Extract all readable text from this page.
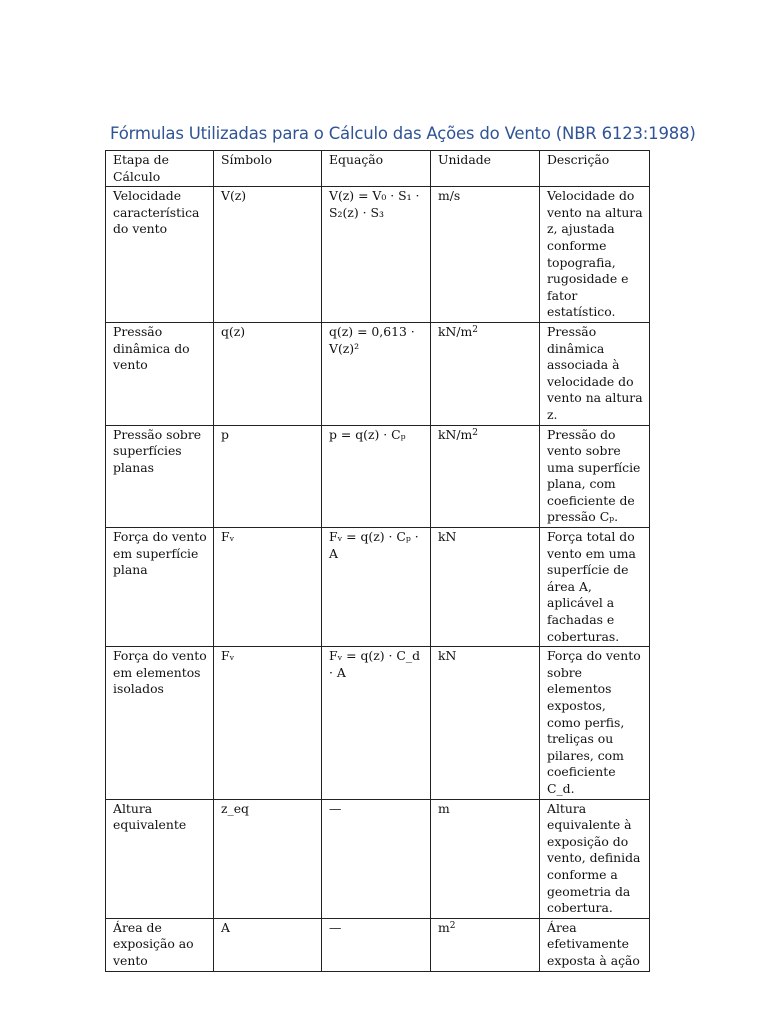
Fórmulas Utilizadas para o Cálculo das Ações do Vento (NBR 6123:1988)
Etapa de Cálculo	Símbolo	Equação	Unidade	Descrição
Velocidade característica do vento	V(z)	V(z) = V₀ · S₁ · S₂(z) · S₃	m/s	Velocidade do vento na altura z, ajustada conforme topografia, rugosidade e fator estatístico.
Pressão dinâmica do vento	q(z)	q(z) = 0,613 · V(z)²	$kN/m^2$	Pressão dinâmica associada à velocidade do vento na altura z.
Pressão sobre superfícies planas	p	p = q(z) · Cₚ	$kN/m^2$	Pressão do vento sobre uma superfície plana, com coeficiente de pressão Cₚ.
Força do vento em superfície plana	Fᵥ	Fᵥ = q(z) · Cₚ · A	kN	Força total do vento em uma superfície de área A, aplicável a fachadas e coberturas.
Força do vento em elementos isolados	Fᵥ	Fᵥ = q(z) · C_d · A	kN	Força do vento sobre elementos expostos, como perfis, treliças ou pilares, com coeficiente C_d.
Altura equivalente	z_eq	—	m	Altura equivalente à exposição do vento, definida conforme a geometria da cobertura.
Área de exposição ao vento	A	—	$m^2$	Área efetivamente exposta à ação
